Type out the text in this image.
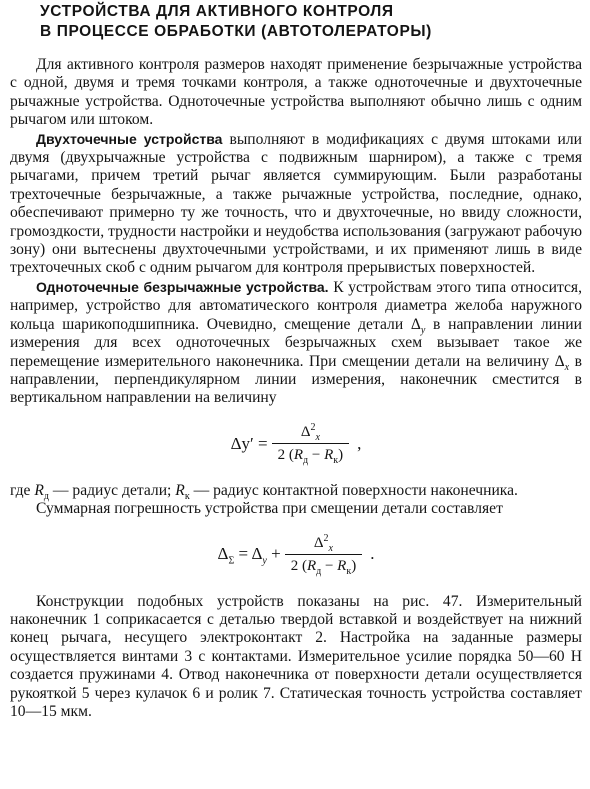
УСТРОЙСТВА ДЛЯ АКТИВНОГО КОНТРОЛЯ
В ПРОЦЕССЕ ОБРАБОТКИ (АВТОТОЛЕРАТОРЫ)

Для активного контроля размеров находят применение безрычажные устройства с одной, двумя и тремя точками контроля, а также одноточечные и двухточечные рычажные устройства. Одноточечные устройства выполняют обычно лишь с одним рычагом или штоком.

Двухточечные устройства выполняют в модификациях с двумя штоками или двумя (двухрычажные устройства с подвижным шарниром), а также с тремя рычагами, причем третий рычаг является суммирующим. Были разработаны трехточечные безрычажные, а также рычажные устройства, последние, однако, обеспечивают примерно ту же точность, что и двухточечные, но ввиду сложности, громоздкости, трудности настройки и неудобства использования (загружают рабочую зону) они вытеснены двухточечными устройствами, и их применяют лишь в виде трехточечных скоб с одним рычагом для контроля прерывистых поверхностей.

Одноточечные безрычажные устройства. К устройствам этого типа относится, например, устройство для автоматического контроля диаметра желоба наружного кольца шарикоподшипника. Очевидно, смещение детали $\Delta_y$ в направлении линии измерения для всех одноточечных безрычажных схем вызывает такое же перемещение измерительного наконечника. При смещении детали на величину $\Delta_x$ в направлении, перпендикулярном линии измерения, наконечник сместится в вертикальном направлении на величину

$\Delta y' = \frac{\Delta^2_x}{2 (R_д - R_к)}$ ,

где $R_д$ — радиус детали; $R_к$ — радиус контактной поверхности наконечника.

Суммарная погрешность устройства при смещении детали составляет

$\Delta_\Sigma = \Delta_y + \frac{\Delta^2_x}{2 (R_д - R_к)}$ .

Конструкции подобных устройств показаны на рис. 47. Измерительный наконечник 1 соприкасается с деталью твердой вставкой и воздействует на нижний конец рычага, несущего электроконтакт 2. Настройка на заданные размеры осуществляется винтами 3 с контактами. Измерительное усилие порядка 50—60 Н создается пружинами 4. Отвод наконечника от поверхности детали осуществляется рукояткой 5 через кулачок 6 и ролик 7. Статическая точность устройства составляет 10—15 мкм.
